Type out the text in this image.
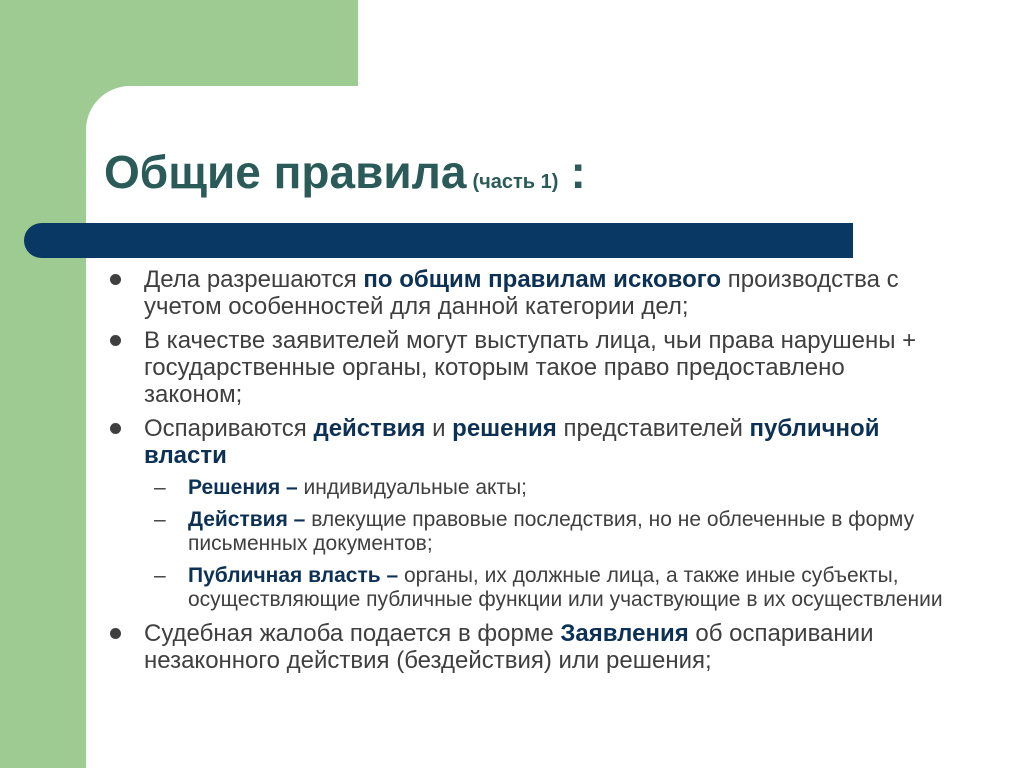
Общие правила (часть 1) :
Дела разрешаются по общим правилам искового производства с учетом особенностей для данной категории дел;
В качестве заявителей могут выступать лица, чьи права нарушены + государственные органы, которым такое право предоставлено законом;
Оспариваются действия и решения представителей публичной власти
– Решения – индивидуальные акты;
– Действия – влекущие правовые последствия, но не облеченные в форму письменных документов;
– Публичная власть – органы, их должные лица, а также иные субъекты, осуществляющие публичные функции или участвующие в их осуществлении
Судебная жалоба подается в форме Заявления об оспаривании незаконного действия (бездействия) или решения;
